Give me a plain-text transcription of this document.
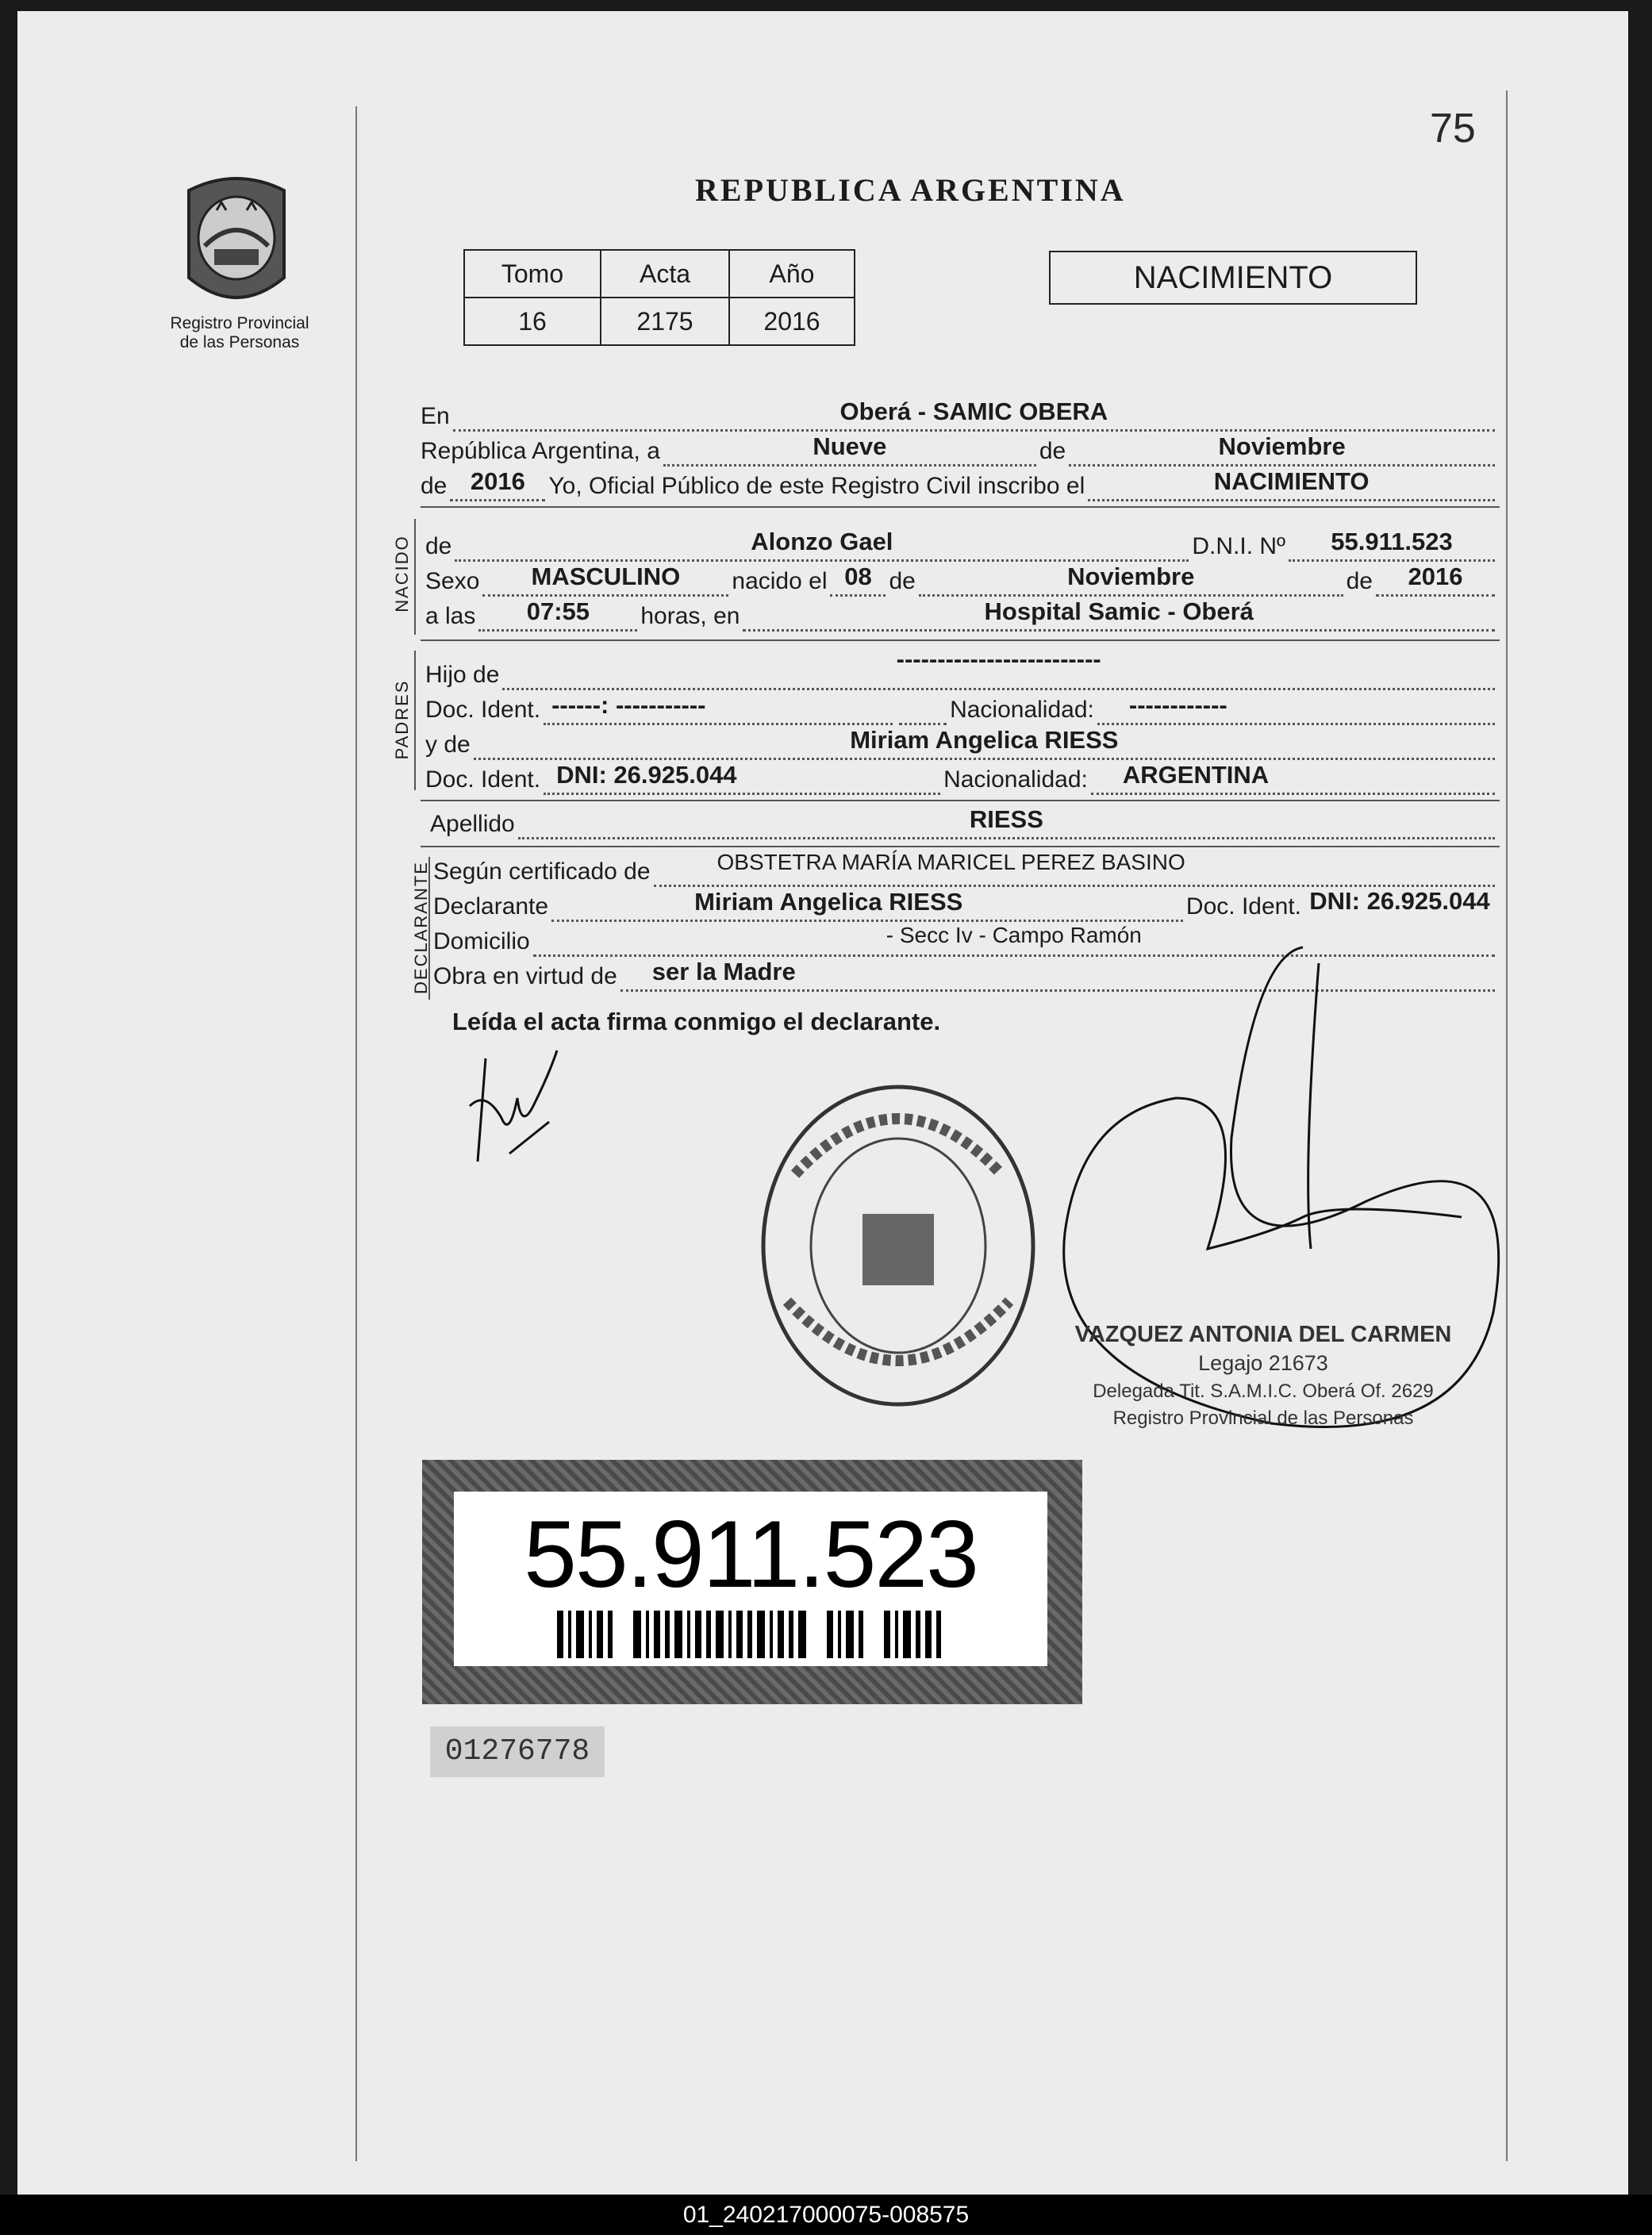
75
Registro Provincial
de las Personas
REPUBLICA ARGENTINA
Tomo	Acta	Año
16	2175	2016
NACIMIENTO
En	Oberá - SAMIC OBERA
República Argentina, a	Nueve	de	Noviembre
de 2016 Yo, Oficial Público de este Registro Civil inscribo el	NACIMIENTO
NACIDO de	Alonzo Gael	D.N.I. Nº	55.911.523
Sexo	MASCULINO	nacido el 08 de	Noviembre	de	2016
a las	07:55	horas, en	Hospital Samic - Oberá
PADRES
Hijo de
-------------------------
Doc. Ident. ------: -----------	Nacionalidad:	------------
y de	Miriam Angelica RIESS
Doc. Ident. DNI: 26.925.044	Nacionalidad:	ARGENTINA
Apellido	RIESS
DECLARANTE Según certificado de	OBSTETRA MARÍA MARICEL PEREZ BASINO
Declarante	Miriam Angelica RIESS	Doc. Ident. DNI: 26.925.044
Domicilio	- Secc Iv - Campo Ramón
Obra en virtud de	ser la Madre
Leída el acta firma conmigo el declarante.
VAZQUEZ ANTONIA DEL CARMEN
Legajo 21673
Delegada Tit. S.A.M.I.C. Oberá Of. 2629
Registro Provincial de las Personas
55.911.523
01276778
01_240217000075-008575
